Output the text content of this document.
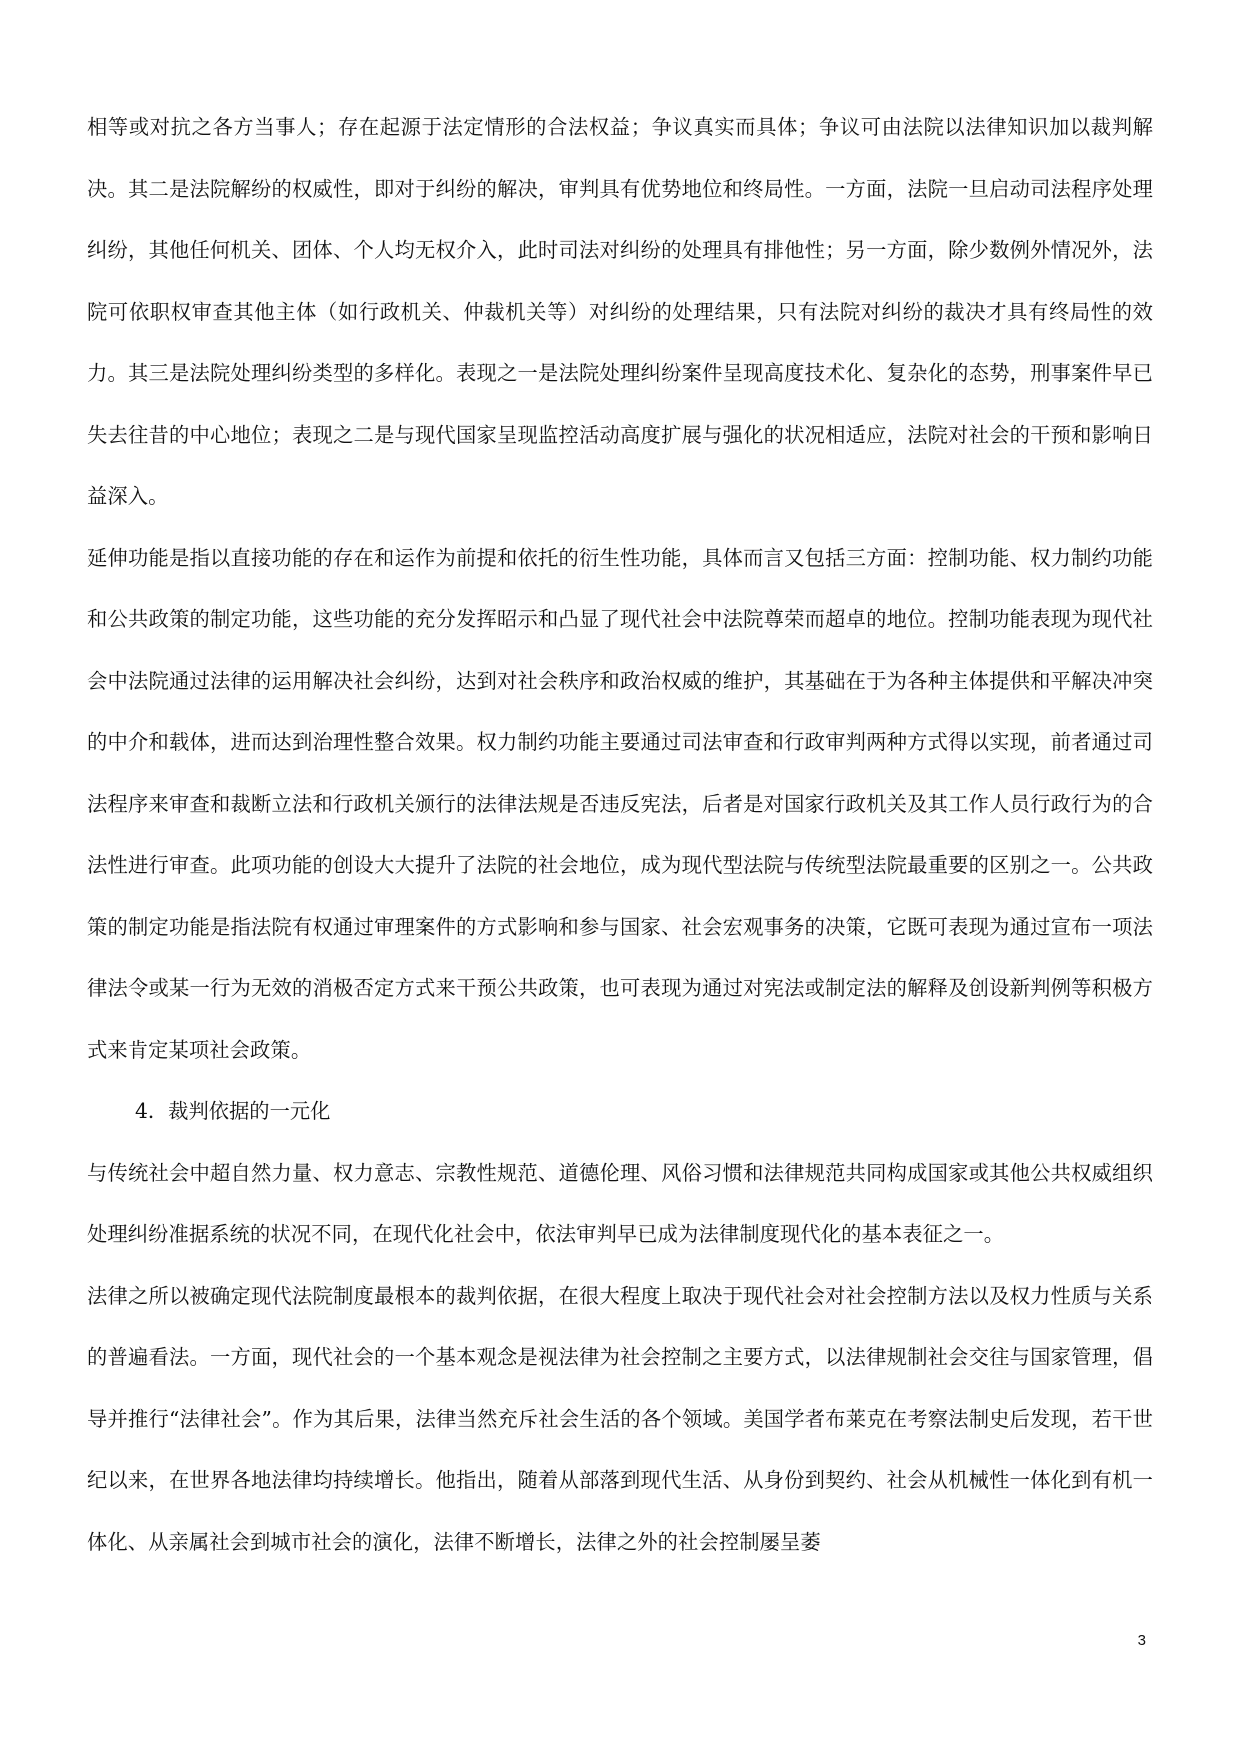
相等或对抗之各方当事人；存在起源于法定情形的合法权益；争议真实而具体；争议可由法院以法律知识加以裁判解决。其二是法院解纷的权威性，即对于纠纷的解决，审判具有优势地位和终局性。一方面，法院一旦启动司法程序处理纠纷，其他任何机关、团体、个人均无权介入，此时司法对纠纷的处理具有排他性；另一方面，除少数例外情况外，法院可依职权审查其他主体（如行政机关、仲裁机关等）对纠纷的处理结果，只有法院对纠纷的裁决才具有终局性的效力。其三是法院处理纠纷类型的多样化。表现之一是法院处理纠纷案件呈现高度技术化、复杂化的态势，刑事案件早已失去往昔的中心地位；表现之二是与现代国家呈现监控活动高度扩展与强化的状况相适应，法院对社会的干预和影响日益深入。

延伸功能是指以直接功能的存在和运作为前提和依托的衍生性功能，具体而言又包括三方面：控制功能、权力制约功能和公共政策的制定功能，这些功能的充分发挥昭示和凸显了现代社会中法院尊荣而超卓的地位。控制功能表现为现代社会中法院通过法律的运用解决社会纠纷，达到对社会秩序和政治权威的维护，其基础在于为各种主体提供和平解决冲突的中介和载体，进而达到治理性整合效果。权力制约功能主要通过司法审查和行政审判两种方式得以实现，前者通过司法程序来审查和裁断立法和行政机关颁行的法律法规是否违反宪法，后者是对国家行政机关及其工作人员行政行为的合法性进行审查。此项功能的创设大大提升了法院的社会地位，成为现代型法院与传统型法院最重要的区别之一。公共政策的制定功能是指法院有权通过审理案件的方式影响和参与国家、社会宏观事务的决策，它既可表现为通过宣布一项法律法令或某一行为无效的消极否定方式来干预公共政策，也可表现为通过对宪法或制定法的解释及创设新判例等积极方式来肯定某项社会政策。

4．裁判依据的一元化

与传统社会中超自然力量、权力意志、宗教性规范、道德伦理、风俗习惯和法律规范共同构成国家或其他公共权威组织处理纠纷准据系统的状况不同，在现代化社会中，依法审判早已成为法律制度现代化的基本表征之一。

法律之所以被确定现代法院制度最根本的裁判依据，在很大程度上取决于现代社会对社会控制方法以及权力性质与关系的普遍看法。一方面，现代社会的一个基本观念是视法律为社会控制之主要方式，以法律规制社会交往与国家管理，倡导并推行“法律社会”。作为其后果，法律当然充斥社会生活的各个领域。美国学者布莱克在考察法制史后发现，若干世纪以来，在世界各地法律均持续增长。他指出，随着从部落到现代生活、从身份到契约、社会从机械性一体化到有机一体化、从亲属社会到城市社会的演化，法律不断增长，法律之外的社会控制屡呈萎

3
